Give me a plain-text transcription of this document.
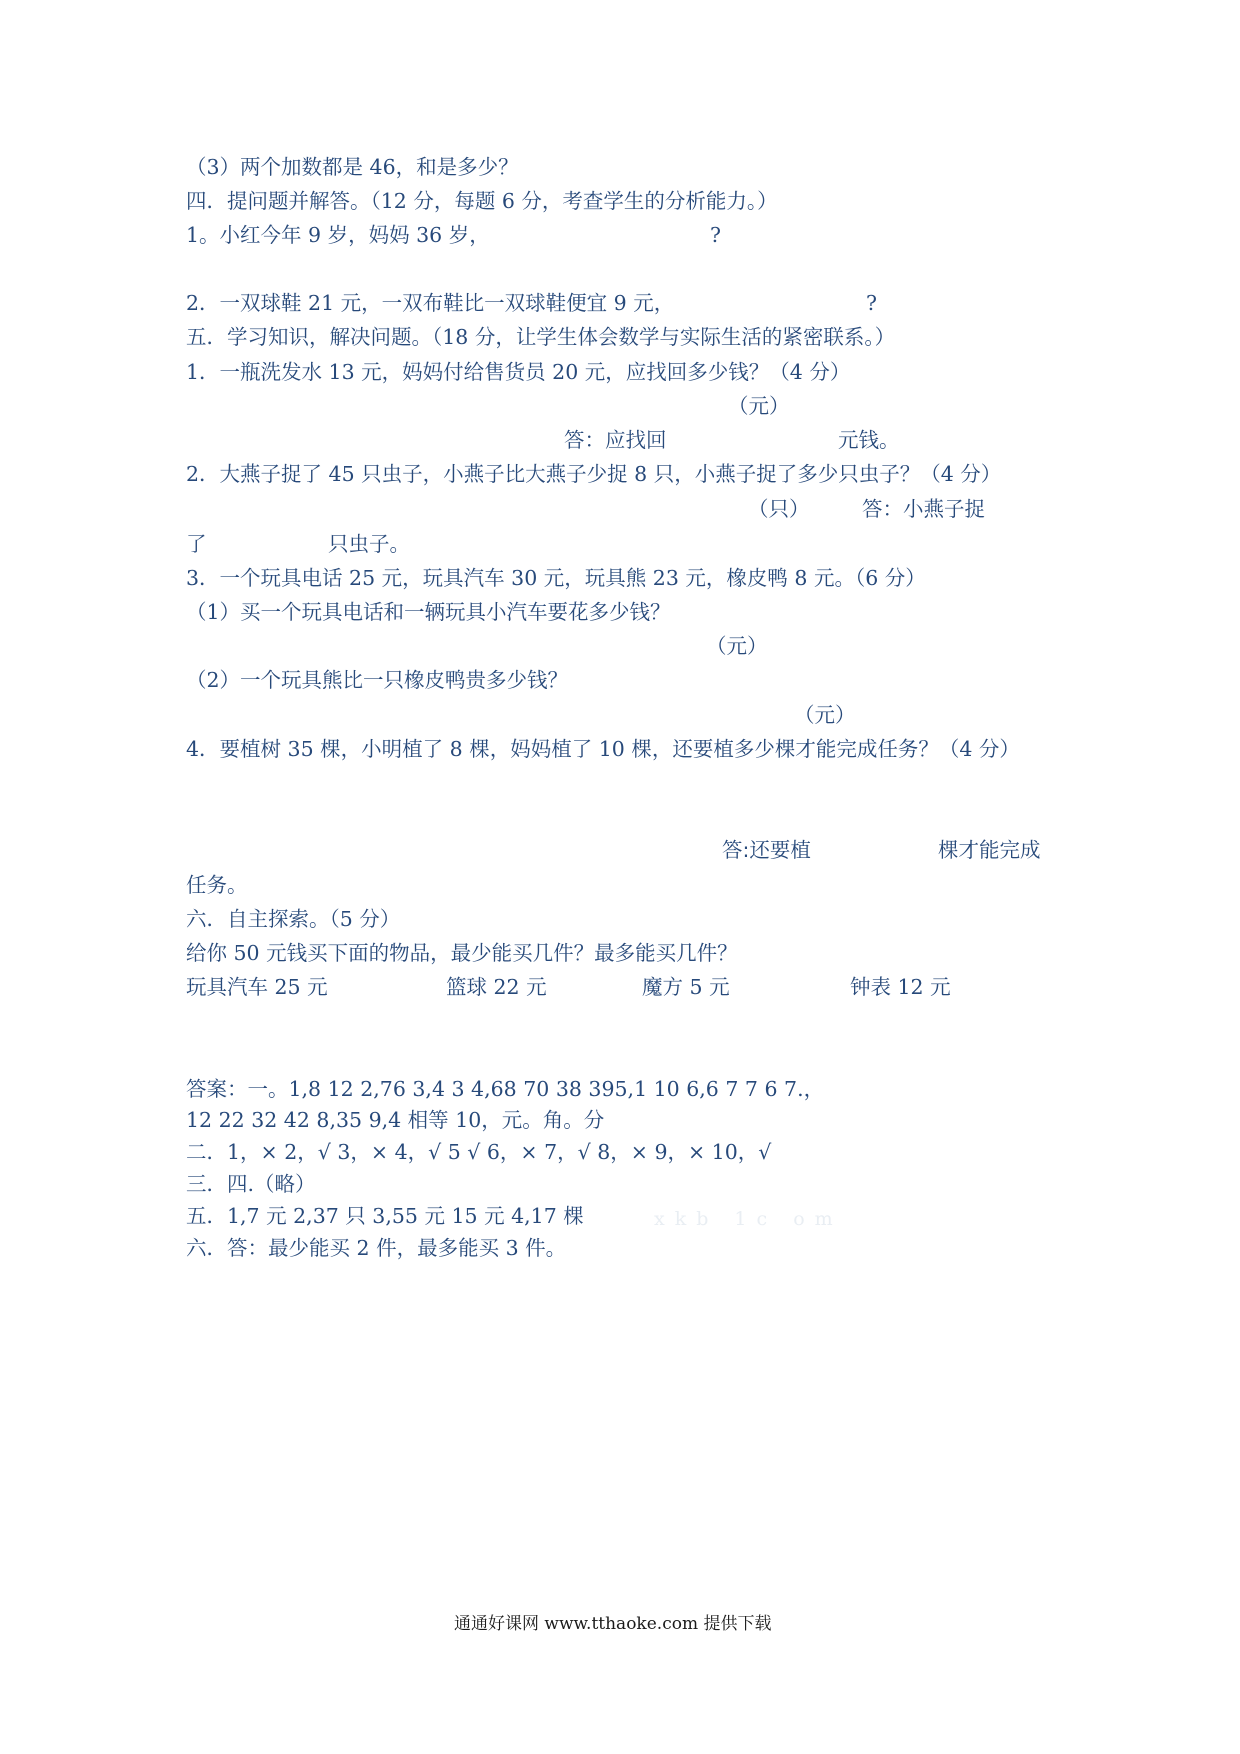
（3）两个加数都是 46，和是多少？
四．提问题并解答。（12 分，每题 6 分，考查学生的分析能力。）
1。小红今年 9 岁，妈妈 36 岁，	?
2．一双球鞋 21 元，一双布鞋比一双球鞋便宜 9 元，	?
五．学习知识，解决问题。（18 分，让学生体会数学与实际生活的紧密联系。）
1．一瓶洗发水 13 元，妈妈付给售货员 20 元，应找回多少钱？（4 分）
（元）
答：应找回	元钱。
2．大燕子捉了 45 只虫子，小燕子比大燕子少捉 8 只，小燕子捉了多少只虫子？（4 分）
（只）	答：小燕子捉
了	只虫子。
3．一个玩具电话 25 元，玩具汽车 30 元，玩具熊 23 元，橡皮鸭 8 元。（6 分）
（1）买一个玩具电话和一辆玩具小汽车要花多少钱？
（元）
（2）一个玩具熊比一只橡皮鸭贵多少钱？
（元）
4．要植树 35 棵，小明植了 8 棵，妈妈植了 10 棵，还要植多少棵才能完成任务？（4 分）
答:还要植	棵才能完成
任务。
六．自主探索。（5 分）
给你 50 元钱买下面的物品，最少能买几件？最多能买几件？
玩具汽车 25 元	篮球 22 元	魔方 5 元	钟表 12 元
答案：一。1,8 12 2,76 3,4 3 4,68 70 38 395,1 10 6,6 7 7 6 7.，
12 22 32 42 8,35 9,4 相等 10，元。角。分
二．1，× 2，√ 3，× 4，√ 5 √ 6，× 7，√ 8，× 9，× 10，√
三．四.（略）
五．1,7 元 2,37 只 3,55 元 15 元 4,17 棵	xkb 1c om
六．答：最少能买 2 件，最多能买 3 件。
通通好课网 www.tthaoke.com 提供下载
